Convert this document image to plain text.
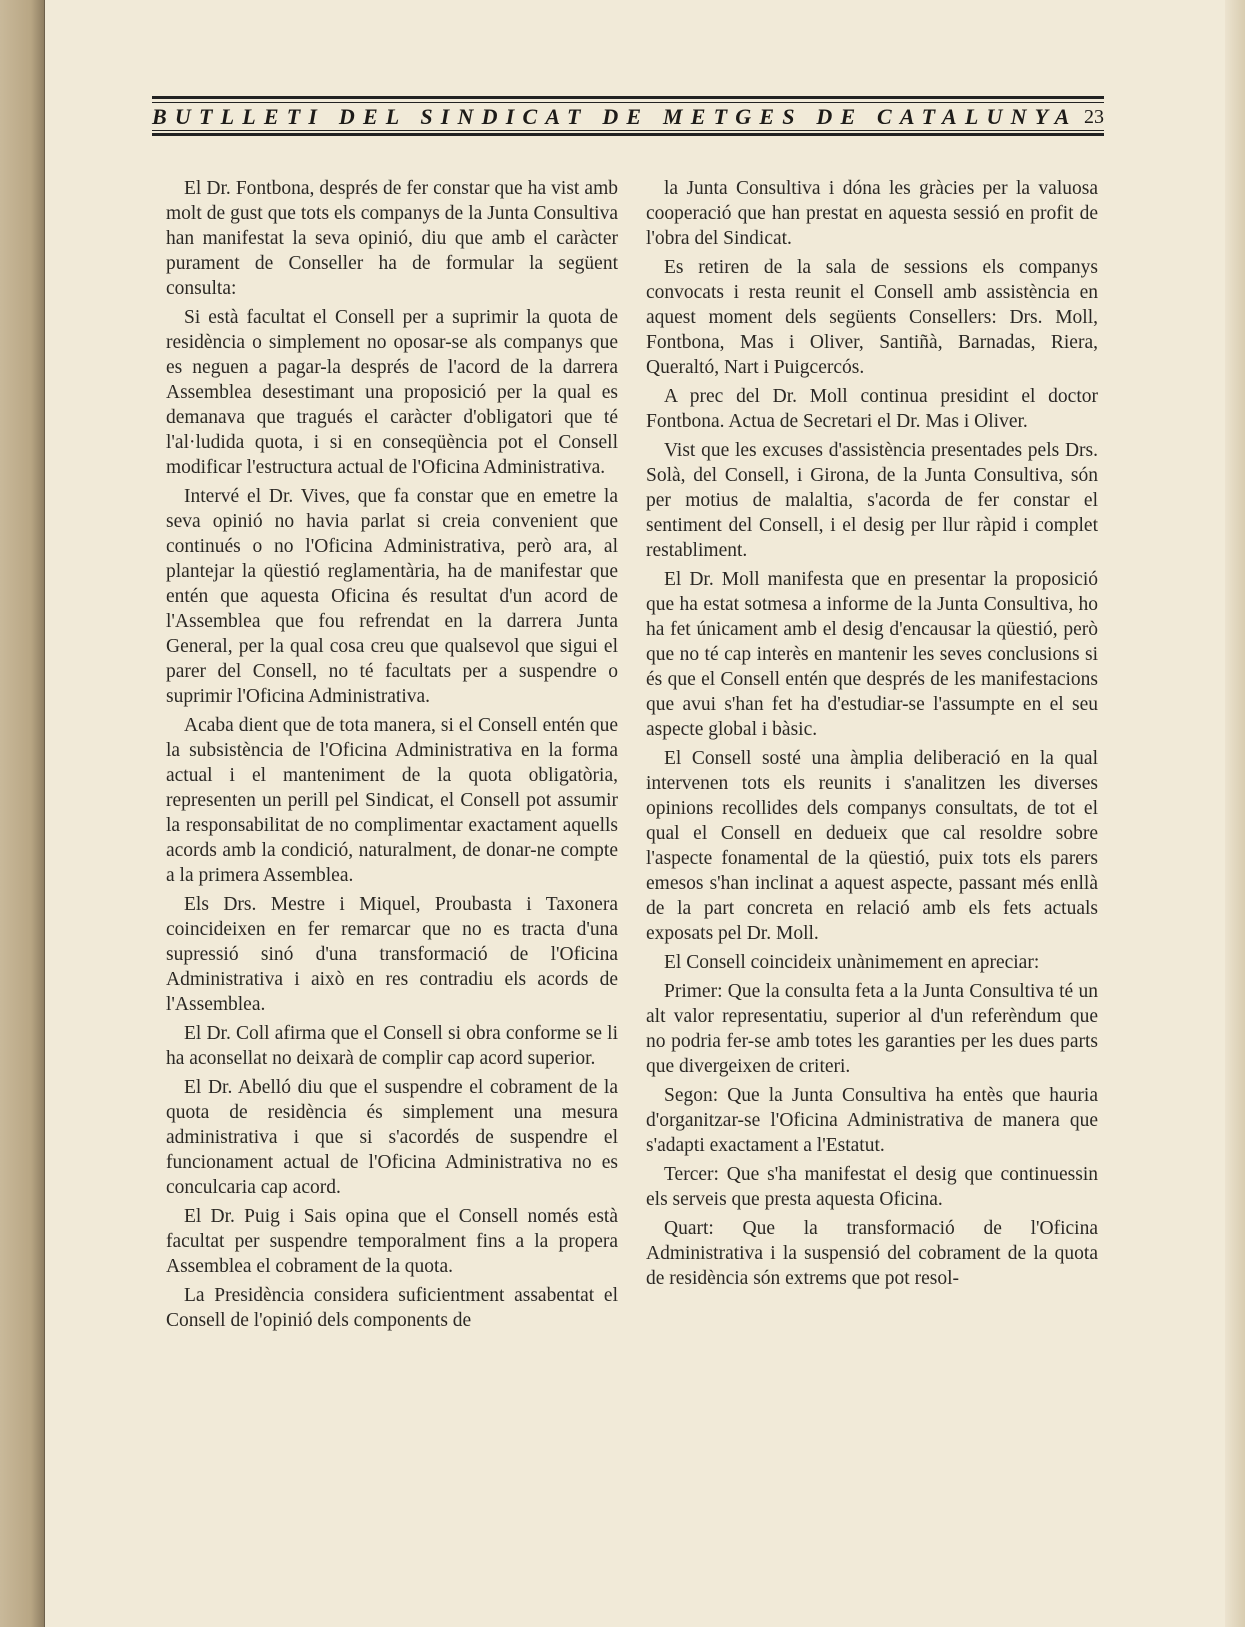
BUTLLETI DEL SINDICAT DE METGES DE CATALUNYA 23

El Dr. Fontbona, després de fer constar que ha vist amb molt de gust que tots els companys de la Junta Consultiva han manifestat la seva opinió, diu que amb el caràcter purament de Conseller ha de formular la següent consulta:

Si està facultat el Consell per a suprimir la quota de residència o simplement no oposar-se als companys que es neguen a pagar-la després de l'acord de la darrera Assemblea desestimant una proposició per la qual es demanava que tragués el caràcter d'obligatori que té l'al·ludida quota, i si en conseqüència pot el Consell modificar l'estructura actual de l'Oficina Administrativa.

Intervé el Dr. Vives, que fa constar que en emetre la seva opinió no havia parlat si creia convenient que continués o no l'Oficina Administrativa, però ara, al plantejar la qüestió reglamentària, ha de manifestar que entén que aquesta Oficina és resultat d'un acord de l'Assemblea que fou refrendat en la darrera Junta General, per la qual cosa creu que qualsevol que sigui el parer del Consell, no té facultats per a suspendre o suprimir l'Oficina Administrativa.

Acaba dient que de tota manera, si el Consell entén que la subsistència de l'Oficina Administrativa en la forma actual i el manteniment de la quota obligatòria, representen un perill pel Sindicat, el Consell pot assumir la responsabilitat de no complimentar exactament aquells acords amb la condició, naturalment, de donar-ne compte a la primera Assemblea.

Els Drs. Mestre i Miquel, Proubasta i Taxonera coincideixen en fer remarcar que no es tracta d'una supressió sinó d'una transformació de l'Oficina Administrativa i això en res contradiu els acords de l'Assemblea.

El Dr. Coll afirma que el Consell si obra conforme se li ha aconsellat no deixarà de complir cap acord superior.

El Dr. Abelló diu que el suspendre el cobrament de la quota de residència és simplement una mesura administrativa i que si s'acordés de suspendre el funcionament actual de l'Oficina Administrativa no es conculcaria cap acord.

El Dr. Puig i Sais opina que el Consell només està facultat per suspendre temporalment fins a la propera Assemblea el cobrament de la quota.

La Presidència considera suficientment assabentat el Consell de l'opinió dels components de

la Junta Consultiva i dóna les gràcies per la valuosa cooperació que han prestat en aquesta sessió en profit de l'obra del Sindicat.

Es retiren de la sala de sessions els companys convocats i resta reunit el Consell amb assistència en aquest moment dels següents Consellers: Drs. Moll, Fontbona, Mas i Oliver, Santiñà, Barnadas, Riera, Queraltó, Nart i Puigcercós.

A prec del Dr. Moll continua presidint el doctor Fontbona. Actua de Secretari el Dr. Mas i Oliver.

Vist que les excuses d'assistència presentades pels Drs. Solà, del Consell, i Girona, de la Junta Consultiva, són per motius de malaltia, s'acorda de fer constar el sentiment del Consell, i el desig per llur ràpid i complet restabliment.

El Dr. Moll manifesta que en presentar la proposició que ha estat sotmesa a informe de la Junta Consultiva, ho ha fet únicament amb el desig d'encausar la qüestió, però que no té cap interès en mantenir les seves conclusions si és que el Consell entén que després de les manifestacions que avui s'han fet ha d'estudiar-se l'assumpte en el seu aspecte global i bàsic.

El Consell sosté una àmplia deliberació en la qual intervenen tots els reunits i s'analitzen les diverses opinions recollides dels companys consultats, de tot el qual el Consell en dedueix que cal resoldre sobre l'aspecte fonamental de la qüestió, puix tots els parers emesos s'han inclinat a aquest aspecte, passant més enllà de la part concreta en relació amb els fets actuals exposats pel Dr. Moll.

El Consell coincideix unànimement en apreciar:

Primer: Que la consulta feta a la Junta Consultiva té un alt valor representatiu, superior al d'un referèndum que no podria fer-se amb totes les garanties per les dues parts que divergeixen de criteri.

Segon: Que la Junta Consultiva ha entès que hauria d'organitzar-se l'Oficina Administrativa de manera que s'adapti exactament a l'Estatut.

Tercer: Que s'ha manifestat el desig que continuessin els serveis que presta aquesta Oficina.

Quart: Que la transformació de l'Oficina Administrativa i la suspensió del cobrament de la quota de residència són extrems que pot resol-
